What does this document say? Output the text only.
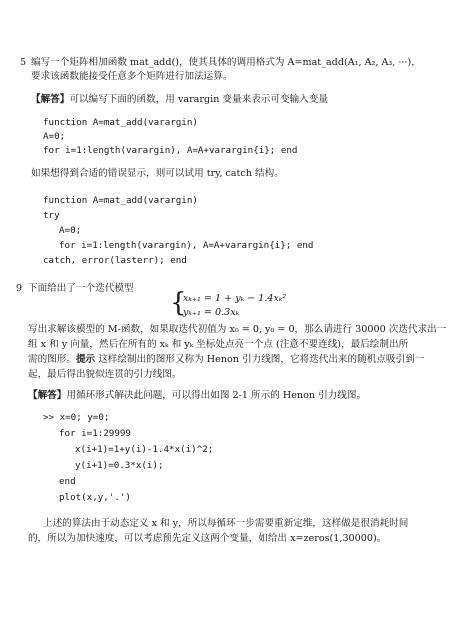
5 编写一个矩阵相加函数 mat_add()，使其具体的调用格式为 A=mat_add(A₁, A₂, A₃, ···)，
要求该函数能接受任意多个矩阵进行加法运算。
【解答】可以编写下面的函数，用 varargin 变量来表示可变输入变量
function A=mat_add(varargin)
A=0;
for i=1:length(varargin), A=A+varargin{i}; end
如果想得到合适的错误显示，则可以试用 try, catch 结构。
function A=mat_add(varargin)
try
A=0;
for i=1:length(varargin), A=A+varargin{i}; end
catch, error(lasterr); end
9 下面给出了一个迭代模型 {
xₖ₊₁ = 1 + yₖ − 1.4xₖ²
yₖ₊₁ = 0.3xₖ
写出求解该模型的 M-函数，如果取迭代初值为 x₀ = 0, y₀ = 0，那么请进行 30000 次迭代求出一
组 x 和 y 向量，然后在所有的 xₖ 和 yₖ 坐标处点亮一个点 (注意不要连线)，最后绘制出所
需的图形。提示 这样绘制出的图形又称为 Henon 引力线图，它将迭代出来的随机点吸引到一
起，最后得出貌似连贯的引力线图。
【解答】用循环形式解决此问题，可以得出如图 2-1 所示的 Henon 引力线图。
>> x=0; y=0;
for i=1:29999
x(i+1)=1+y(i)-1.4*x(i)^2;
y(i+1)=0.3*x(i);
end
plot(x,y,'.')
上述的算法由于动态定义 x 和 y，所以每循环一步需要重新定维，这样做是很消耗时间
的，所以为加快速度，可以考虑预先定义这两个变量，如给出 x=zeros(1,30000)。
